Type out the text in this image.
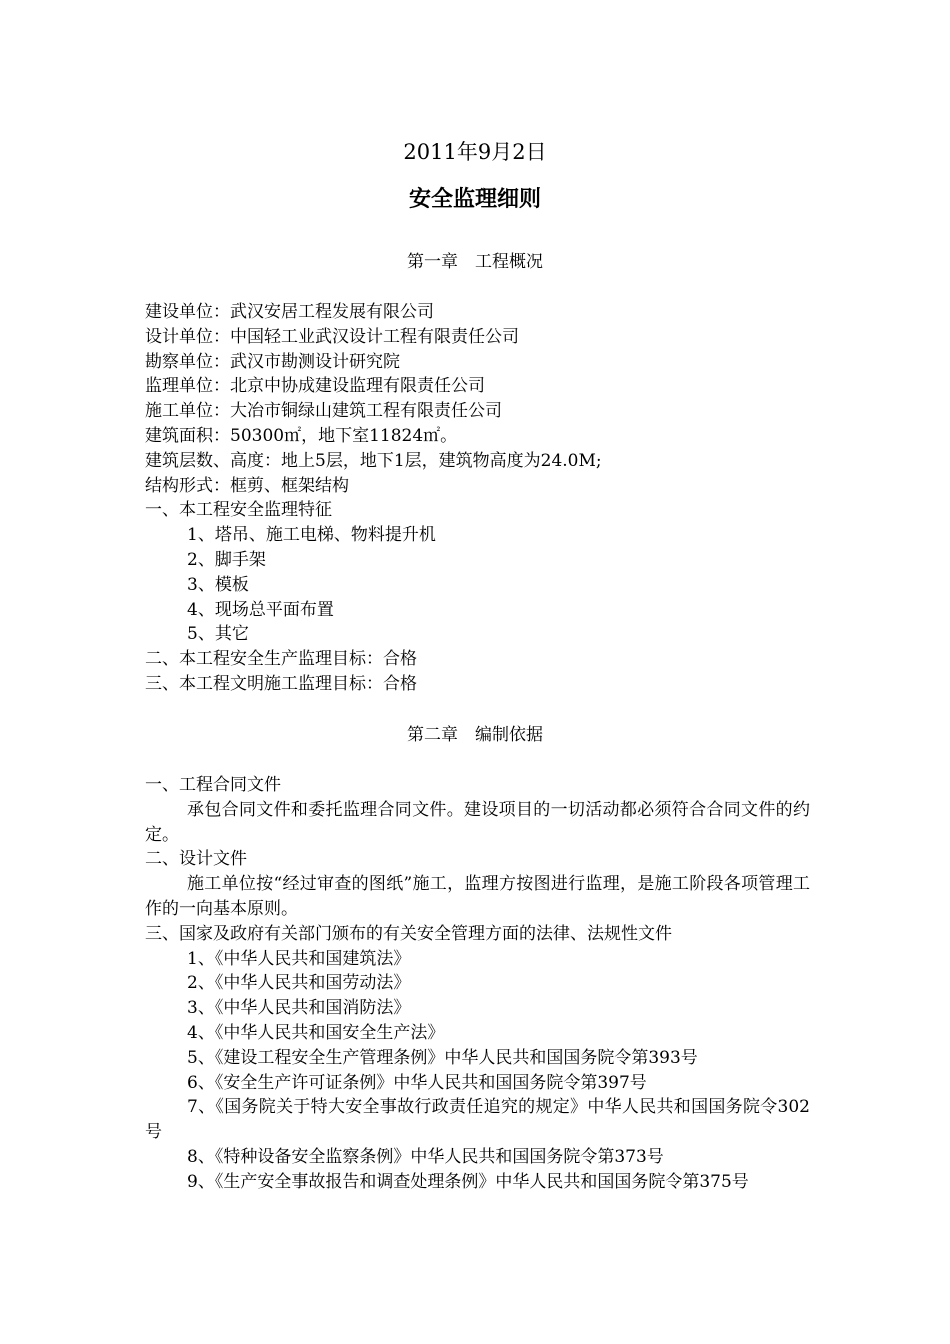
2011年9月2日
安全监理细则
第一章　工程概况
建设单位：武汉安居工程发展有限公司
设计单位：中国轻工业武汉设计工程有限责任公司
勘察单位：武汉市勘测设计研究院
监理单位：北京中协成建设监理有限责任公司
施工单位：大冶市铜绿山建筑工程有限责任公司
建筑面积：50300㎡，地下室11824㎡。
建筑层数、高度：地上5层，地下1层，建筑物高度为24.0M;
结构形式：框剪、框架结构
一、本工程安全监理特征
1、塔吊、施工电梯、物料提升机
2、脚手架
3、模板
4、现场总平面布置
5、其它
二、本工程安全生产监理目标：合格
三、本工程文明施工监理目标：合格
第二章　编制依据
一、工程合同文件
承包合同文件和委托监理合同文件。建设项目的一切活动都必须符合合同文件的约定。
二、设计文件
施工单位按“经过审查的图纸”施工，监理方按图进行监理，是施工阶段各项管理工作的一向基本原则。
三、国家及政府有关部门颁布的有关安全管理方面的法律、法规性文件
1、《中华人民共和国建筑法》
2、《中华人民共和国劳动法》
3、《中华人民共和国消防法》
4、《中华人民共和国安全生产法》
5、《建设工程安全生产管理条例》中华人民共和国国务院令第393号
6、《安全生产许可证条例》中华人民共和国国务院令第397号
7、《国务院关于特大安全事故行政责任追究的规定》中华人民共和国国务院令302号
8、《特种设备安全监察条例》中华人民共和国国务院令第373号
9、《生产安全事故报告和调查处理条例》中华人民共和国国务院令第375号
